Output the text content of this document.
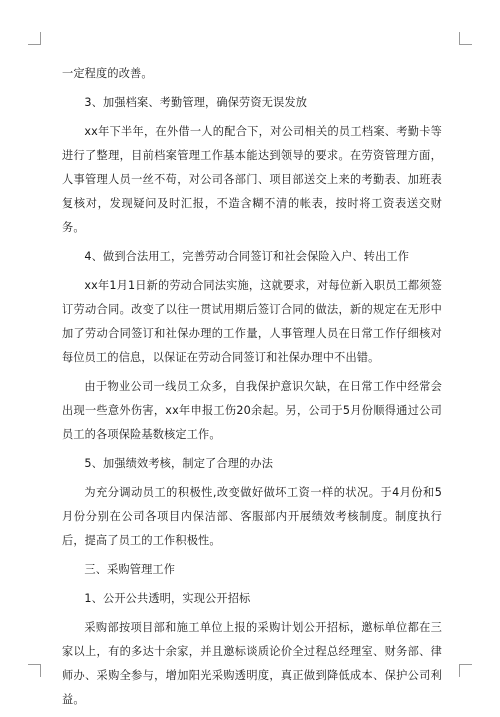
一定程度的改善。

3、加强档案、考勤管理，确保劳资无误发放

xx年下半年，在外借一人的配合下，对公司相关的员工档案、考勤卡等进行了整理，目前档案管理工作基本能达到领导的要求。在劳资管理方面，人事管理人员一丝不苟，对公司各部门、项目部送交上来的考勤表、加班表复核对，发现疑问及时汇报，不造含糊不清的帐表，按时将工资表送交财务。

4、做到合法用工，完善劳动合同签订和社会保险入户、转出工作

xx年1月1日新的劳动合同法实施，这就要求，对每位新入职员工都须签订劳动合同。改变了以往一贯试用期后签订合同的做法，新的规定在无形中加了劳动合同签订和社保办理的工作量，人事管理人员在日常工作仔细核对每位员工的信息，以保证在劳动合同签订和社保办理中不出错。

由于物业公司一线员工众多，自我保护意识欠缺，在日常工作中经常会出现一些意外伤害，xx年申报工伤20余起。另，公司于5月份顺得通过公司员工的各项保险基数核定工作。

5、加强绩效考核，制定了合理的办法

为充分调动员工的积极性,改变做好做坏工资一样的状况。于4月份和5月份分别在公司各项目内保洁部、客服部内开展绩效考核制度。制度执行后，提高了员工的工作积极性。

三、采购管理工作

1、公开公共透明，实现公开招标

采购部按项目部和施工单位上报的采购计划公开招标，邀标单位都在三家以上，有的多达十余家，并且邀标谈质论价全过程总经理室、财务部、律师办、采购全参与，增加阳光采购透明度，真正做到降低成本、保护公司利益。
